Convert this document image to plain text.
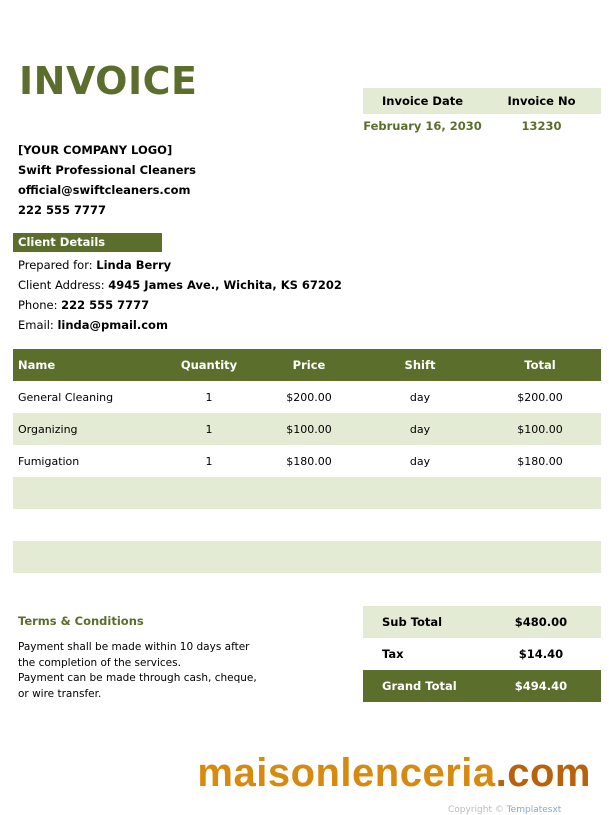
INVOICE	Invoice Date	Invoice No
February 16, 2030	13230
[YOUR COMPANY LOGO]
Swift Professional Cleaners
official@swiftcleaners.com
222 555 7777
Client Details
Prepared for: Linda Berry
Client Address: 4945 James Ave., Wichita, KS 67202
Phone: 222 555 7777
Email: linda@pmail.com
Name	Quantity	Price	Shift	Total
General Cleaning	1	$200.00	day	$200.00
Organizing	1	$100.00	day	$100.00
Fumigation	1	$180.00	day	$180.00
Terms & Conditions
Payment shall be made within 10 days after
the completion of the services.
Payment can be made through cash, cheque,
or wire transfer.
Sub Total	$480.00
Tax	$14.40
Grand Total	$494.40
maisonlenceria.com
Copyright © Templatesxt
